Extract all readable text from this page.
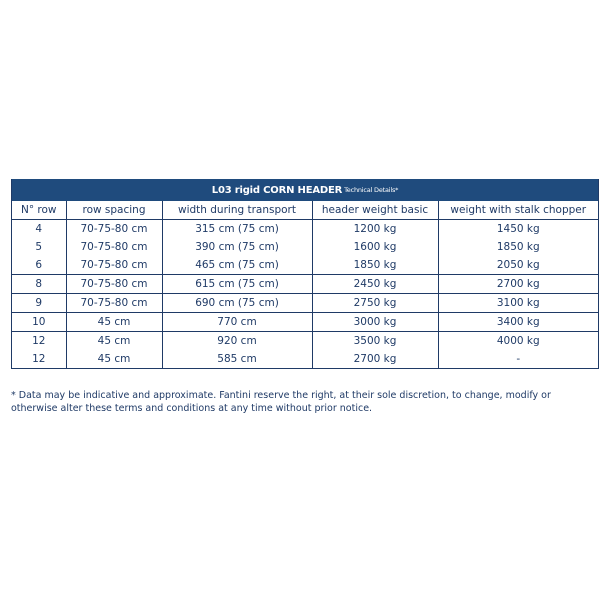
L03 rigid CORN HEADER Technical Details*
N° row	row spacing	width during transport	header weight basic	weight with stalk chopper
4	70-75-80 cm	315 cm (75 cm)	1200 kg	1450 kg
5	70-75-80 cm	390 cm (75 cm)	1600 kg	1850 kg
6	70-75-80 cm	465 cm (75 cm)	1850 kg	2050 kg
8	70-75-80 cm	615 cm (75 cm)	2450 kg	2700 kg
9	70-75-80 cm	690 cm (75 cm)	2750 kg	3100 kg
10	45 cm	770 cm	3000 kg	3400 kg
12	45 cm	920 cm	3500 kg	4000 kg
12	45 cm	585 cm	2700 kg	-
* Data may be indicative and approximate. Fantini reserve the right, at their sole discretion, to change, modify or otherwise alter these terms and conditions at any time without prior notice.
